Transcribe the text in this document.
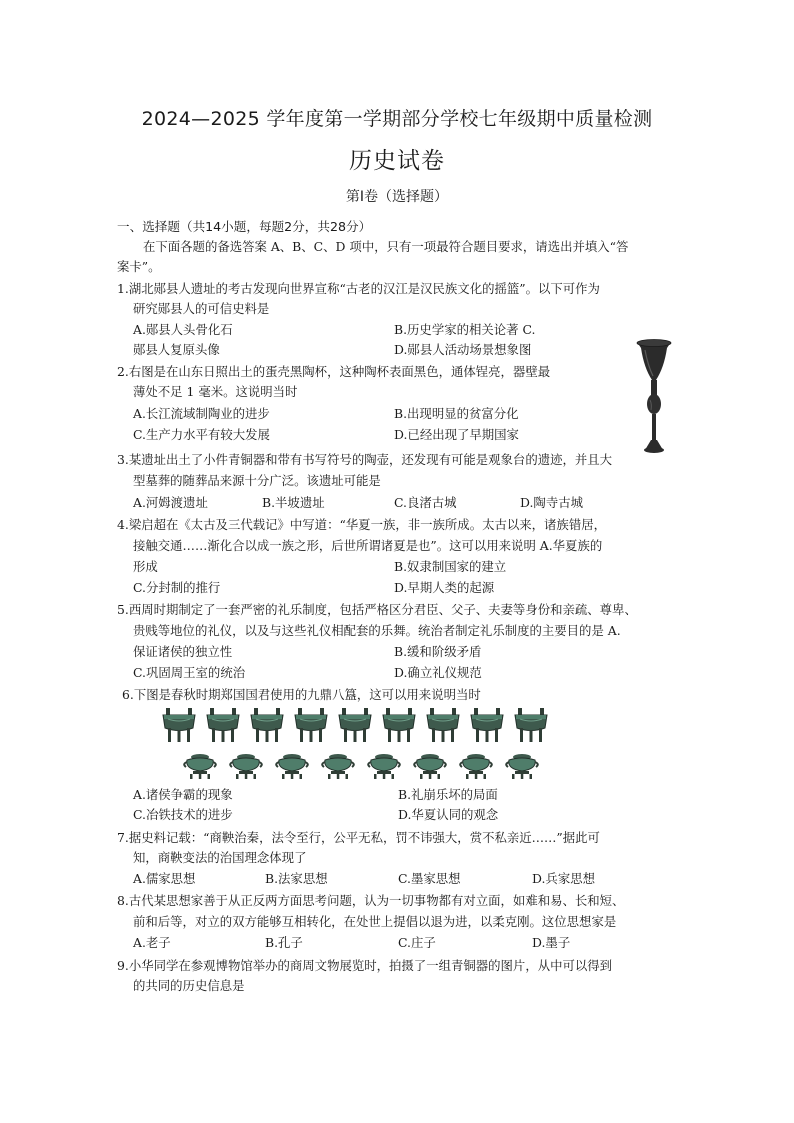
2024—2025 学年度第一学期部分学校七年级期中质量检测
历史试卷
第Ⅰ卷（选择题）
一、选择题（共14小题，每题2分，共28分）
在下面各题的备选答案 A、B、C、D 项中，只有一项最符合题目要求，请选出并填入“答
案卡”。
1.湖北郧县人遗址的考古发现向世界宣称“古老的汉江是汉民族文化的摇篮”。以下可作为
研究郧县人的可信史料是
A.郧县人头骨化石	B.历史学家的相关论著 C.
郧县人复原头像	D.郧县人活动场景想象图
2.右图是在山东日照出土的蛋壳黑陶杯，这种陶杯表面黑色，通体锃亮，器壁最
薄处不足 1 毫米。这说明当时
A.长江流域制陶业的进步	B.出现明显的贫富分化
C.生产力水平有较大发展	D.已经出现了早期国家
3.某遗址出土了小件青铜器和带有书写符号的陶壶，还发现有可能是观象台的遗迹，并且大
型墓葬的随葬品来源十分广泛。该遗址可能是
A.河姆渡遗址	B.半坡遗址	C.良渚古城	D.陶寺古城
4.梁启超在《太古及三代载记》中写道：“华夏一族，非一族所成。太古以来，诸族错居，
接触交通……渐化合以成一族之形，后世所谓诸夏是也”。这可以用来说明 A.华夏族的
形成	B.奴隶制国家的建立
C.分封制的推行	D.早期人类的起源
5.西周时期制定了一套严密的礼乐制度，包括严格区分君臣、父子、夫妻等身份和亲疏、尊卑、
贵贱等地位的礼仪，以及与这些礼仪相配套的乐舞。统治者制定礼乐制度的主要目的是 A.
保证诸侯的独立性	B.缓和阶级矛盾
C.巩固周王室的统治	D.确立礼仪规范
6.下图是春秋时期郑国国君使用的九鼎八簋，这可以用来说明当时
A.诸侯争霸的现象	B.礼崩乐坏的局面
C.冶铁技术的进步	D.华夏认同的观念
7.据史料记载：“商鞅治秦，法令至行，公平无私，罚不讳强大，赏不私亲近……”据此可
知，商鞅变法的治国理念体现了
A.儒家思想	B.法家思想	C.墨家思想	D.兵家思想
8.古代某思想家善于从正反两方面思考问题，认为一切事物都有对立面，如难和易、长和短、
前和后等，对立的双方能够互相转化，在处世上提倡以退为进，以柔克刚。这位思想家是
A.老子	B.孔子	C.庄子	D.墨子
9.小华同学在参观博物馆举办的商周文物展览时，拍摄了一组青铜器的图片，从中可以得到
的共同的历史信息是
